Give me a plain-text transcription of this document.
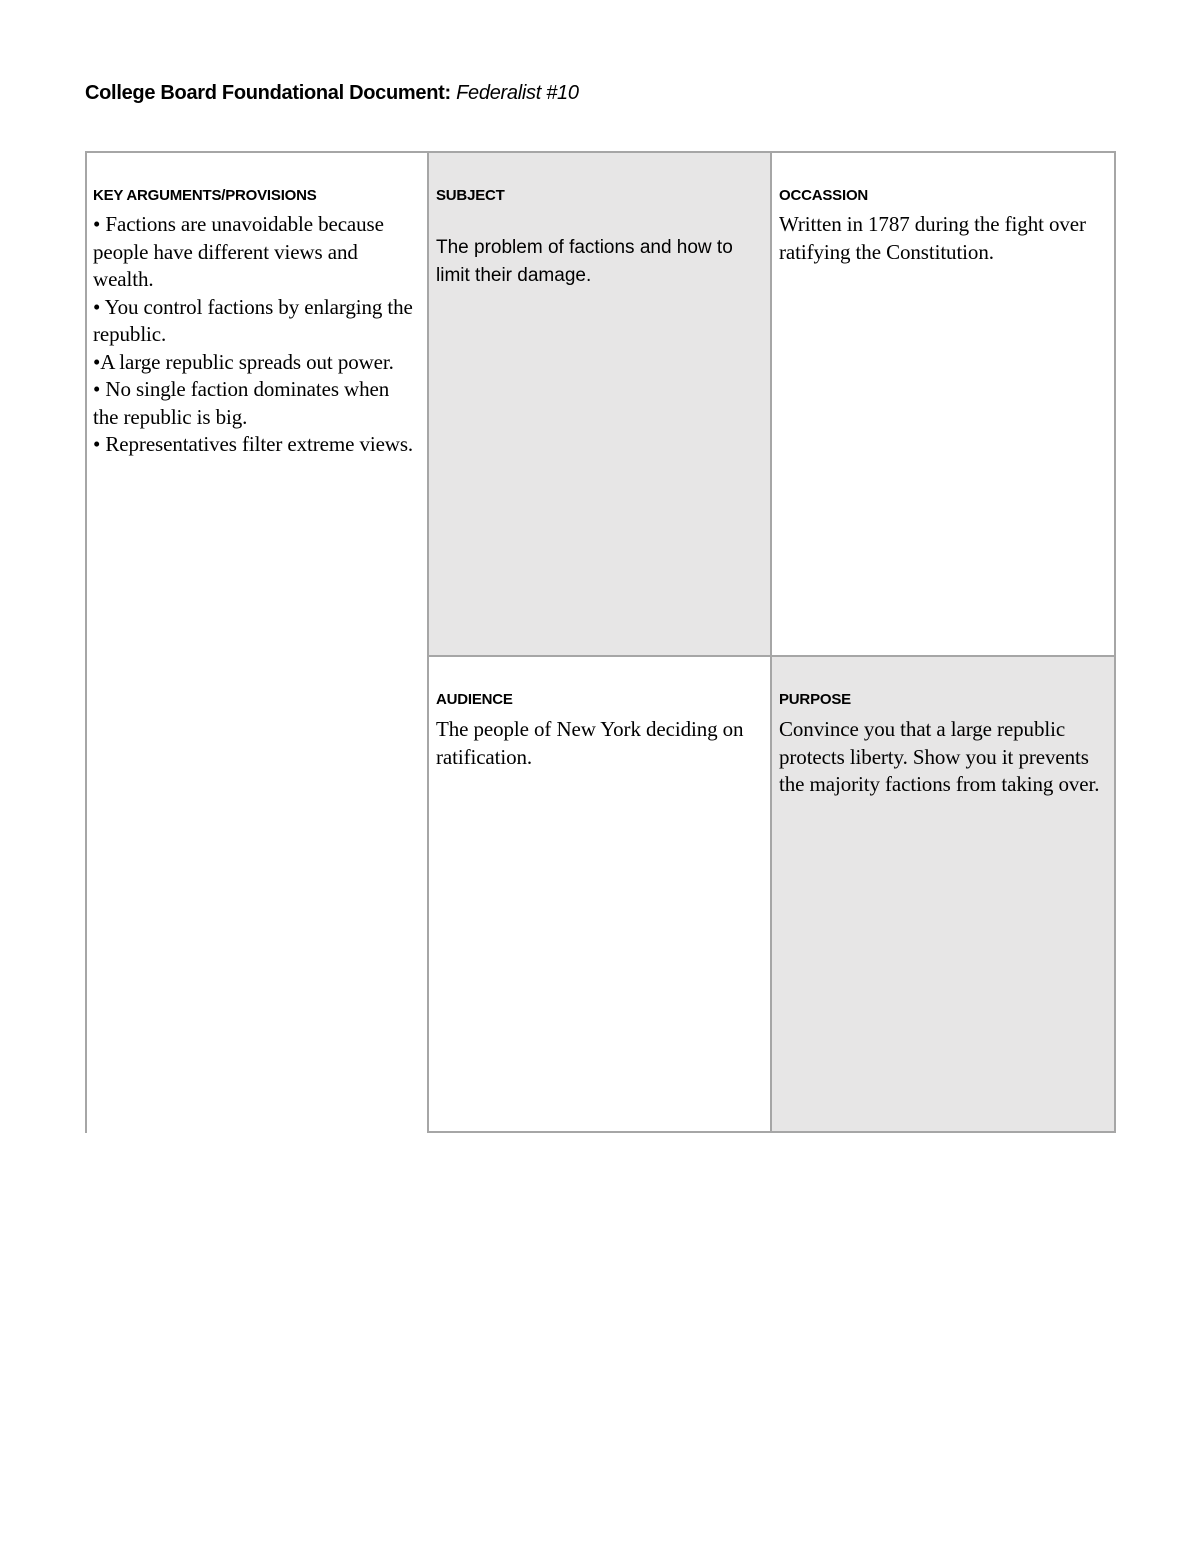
College Board Foundational Document: Federalist #10
KEY ARGUMENTS/PROVISIONS
• Factions are unavoidable because people have different views and wealth.
• You control factions by enlarging the republic.
•A large republic spreads out power.
• No single faction dominates when the republic is big.
• Representatives filter extreme views.
SUBJECT
The problem of factions and how to limit their damage.
OCCASSION
Written in 1787 during the fight over ratifying the Constitution.
AUDIENCE
The people of New York deciding on ratification.
PURPOSE
Convince you that a large republic protects liberty. Show you it prevents the majority factions from taking over.
